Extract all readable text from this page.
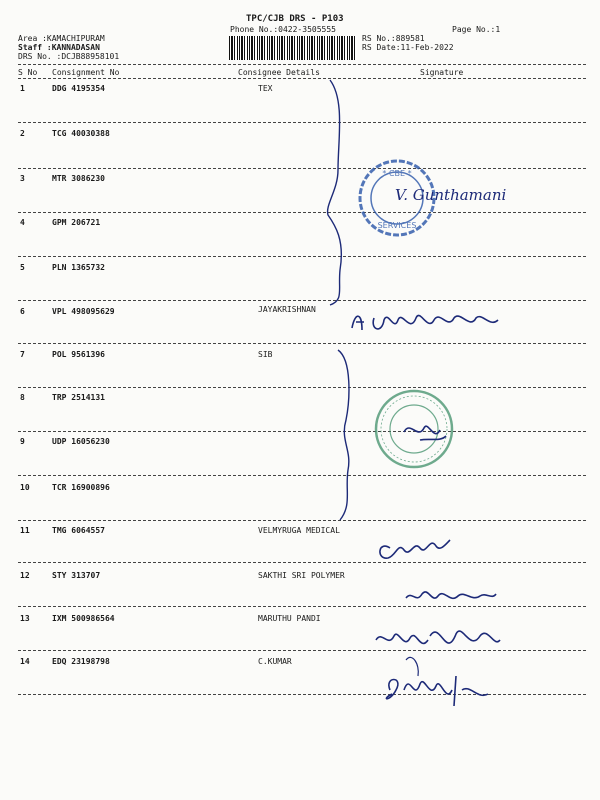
TPC/CJB DRS - P103
Phone No.:0422-3505555	Page No.:1
Area :KAMACHIPURAM
Staff :KANNADASAN
DRS No. :DCJB88958101
RS No.:889581
RS Date:11-Feb-2022
S No Consignment No	Consignee Details	Signature
1	DDG 4195354	TEX
2	TCG 40030388
3	MTR 3086230
4	GPM 206721
5	PLN 1365732
6	VPL 498095629	JAYAKRISHNAN
7	POL 9561396	SIB
8	TRP 2514131
9	UDP 16056230
10	TCR 16900896
11	TMG 6064557	VELMYRUGA MEDICAL
12	STY 313707	SAKTHI SRI POLYMER
13	IXM 500986564	MARUTHU PANDI
14	EDQ 23198798	C.KUMAR
* CBE *
SERVICES
V. Gunthamani
